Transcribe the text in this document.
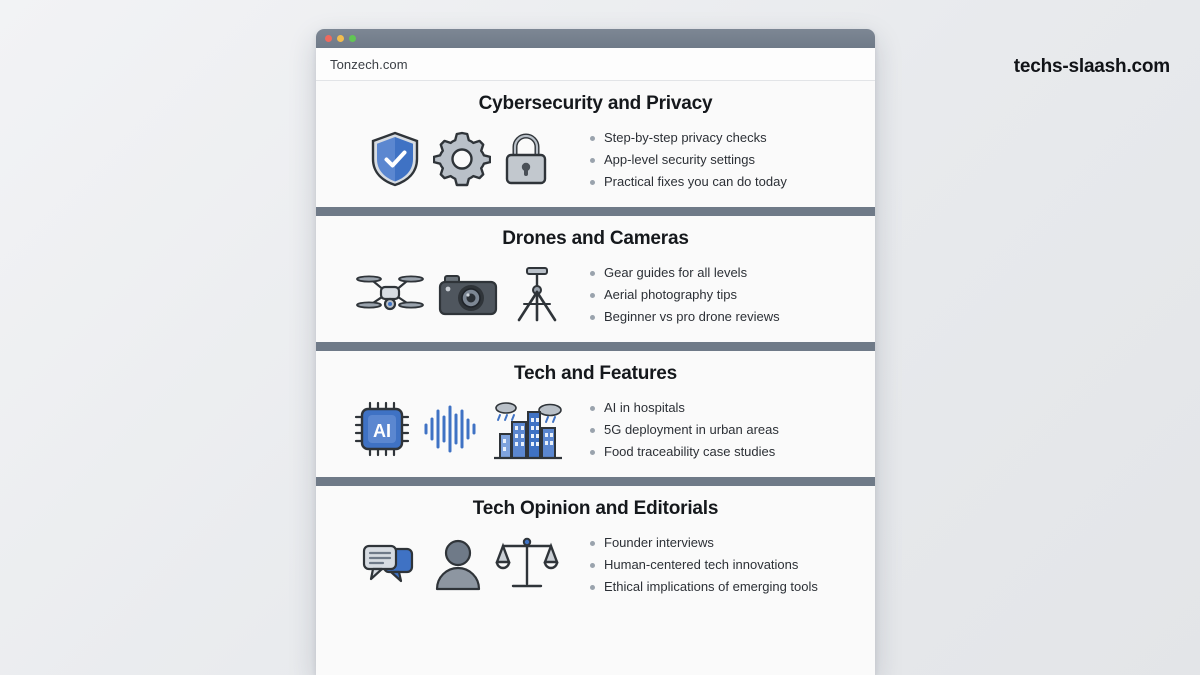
Tonzech.com
Cybersecurity and Privacy
Step-by-step privacy checks
App-level security settings
Practical fixes you can do today
Drones and Cameras
Gear guides for all levels
Aerial photography tips
Beginner vs pro drone reviews
Tech and Features
AI
AI in hospitals
5G deployment in urban areas
Food traceability case studies
Tech Opinion and Editorials
Founder interviews
Human-centered tech innovations
Ethical implications of emerging tools
techs-slaash.com
